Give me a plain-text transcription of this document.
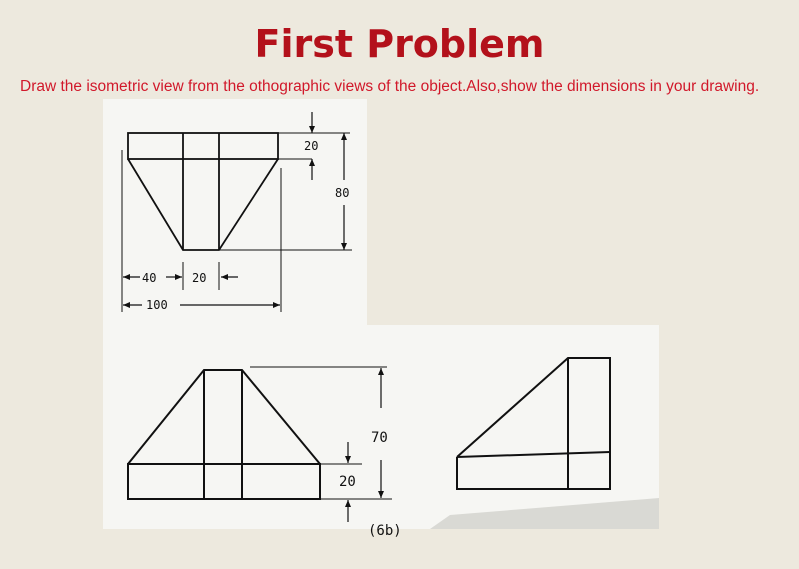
First Problem
Draw the isometric view from the othographic views of the object.Also,show the dimensions in your drawing.
20
80
40	20
100
70
20
(6b)
